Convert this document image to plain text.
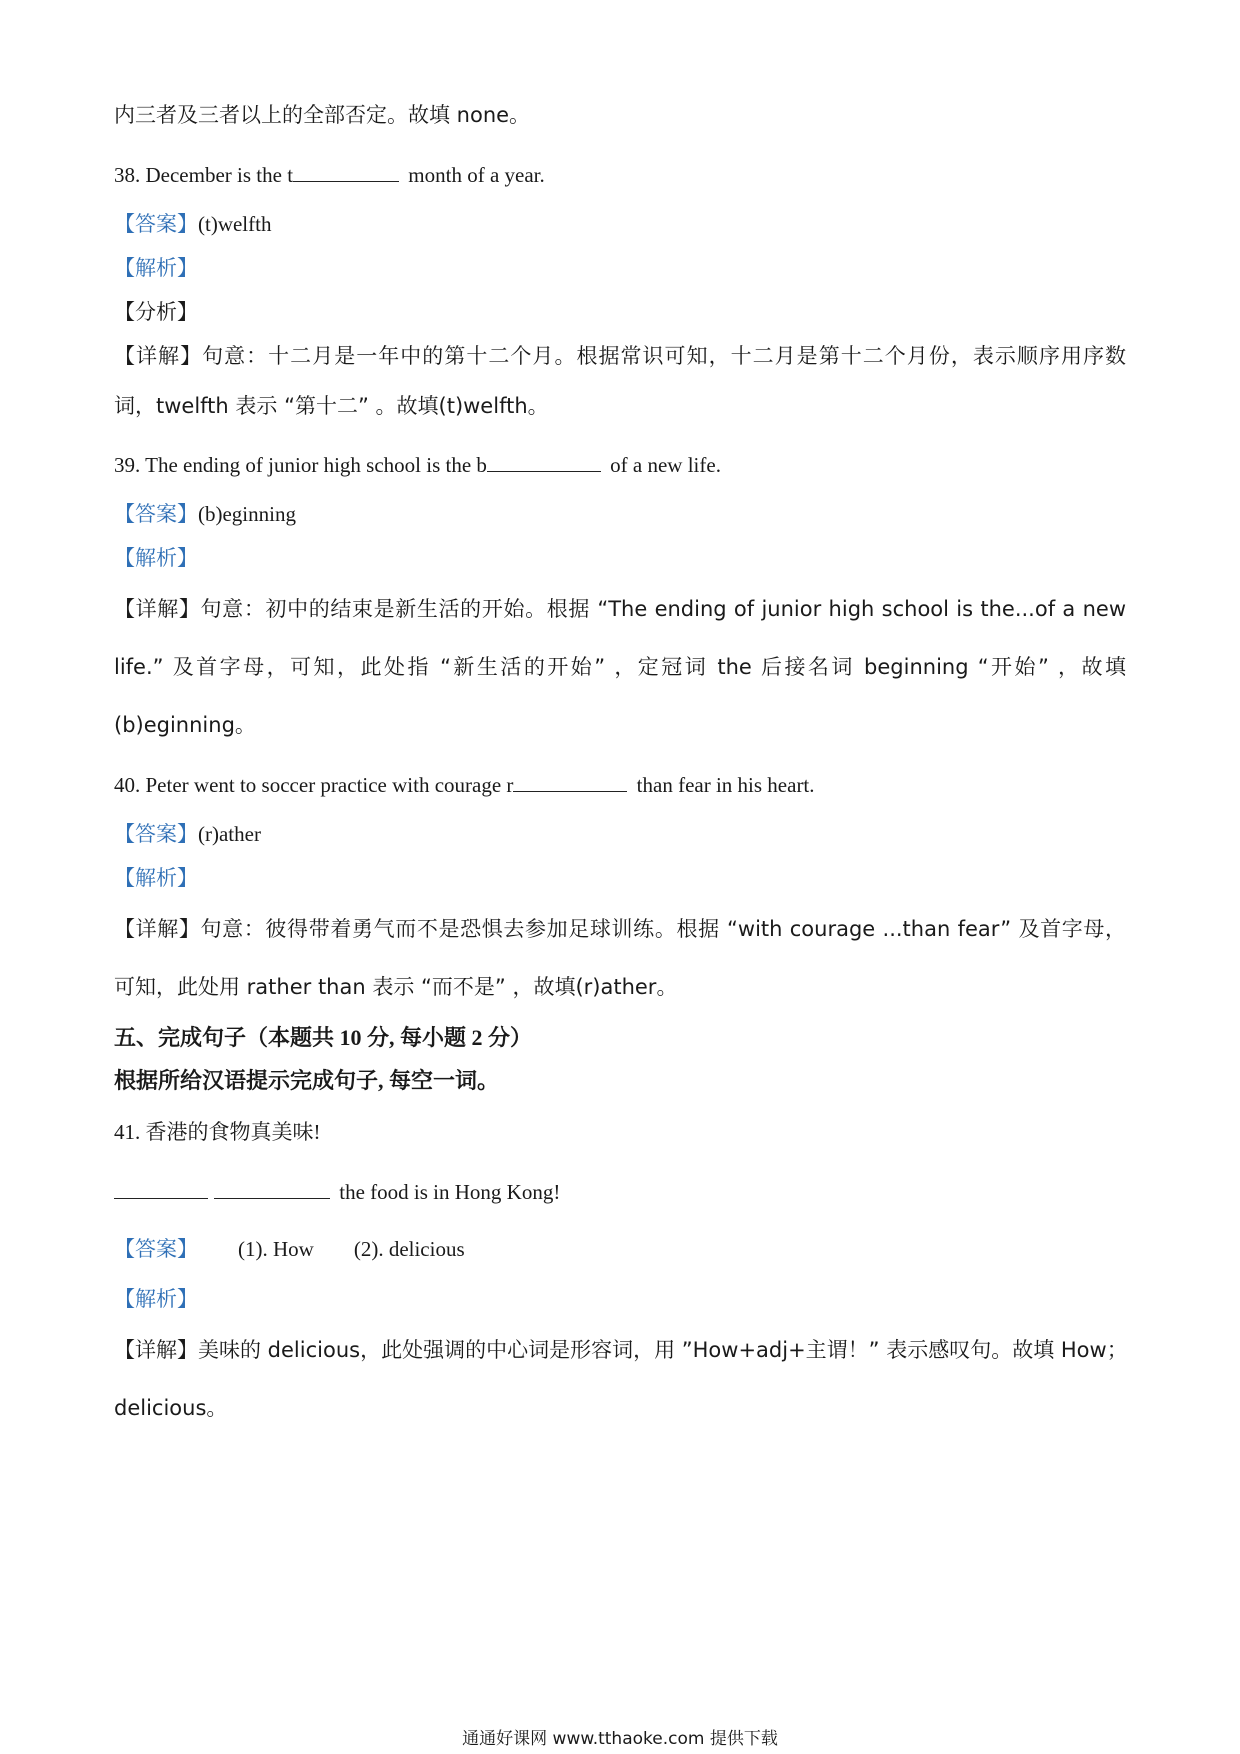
内三者及三者以上的全部否定。故填 none。
38. December is the t	month of a year.
【答案】(t)welfth
【解析】
【分析】
【详解】句意：十二月是一年中的第十二个月。根据常识可知，十二月是第十二个月份，表示顺序用序数
词，twelfth 表示 “第十二” 。故填(t)welfth。
39. The ending of junior high school is the b	of a new life.
【答案】(b)eginning
【解析】
【详解】句意：初中的结束是新生活的开始。根据 “The ending of junior high school is the...of a new
life.” 及首字母，可知，此处指 “新生活的开始” ，定冠词 the 后接名词 beginning “开始” ，故填
(b)eginning。
40. Peter went to soccer practice with courage r	than fear in his heart.
【答案】(r)ather
【解析】
【详解】句意：彼得带着勇气而不是恐惧去参加足球训练。根据 “with courage ...than fear” 及首字母，
可知，此处用 rather than 表示 “而不是” ，故填(r)ather。
五、完成句子（本题共 10 分, 每小题 2 分）
根据所给汉语提示完成句子, 每空一词。
41. 香港的食物真美味!
the food is in Hong Kong!
【答案】 (1). How (2). delicious
【解析】
【详解】美味的 delicious，此处强调的中心词是形容词，用 ”How+adj+主谓！” 表示感叹句。故填 How；
delicious。
通通好课网 www.tthaoke.com 提供下载
